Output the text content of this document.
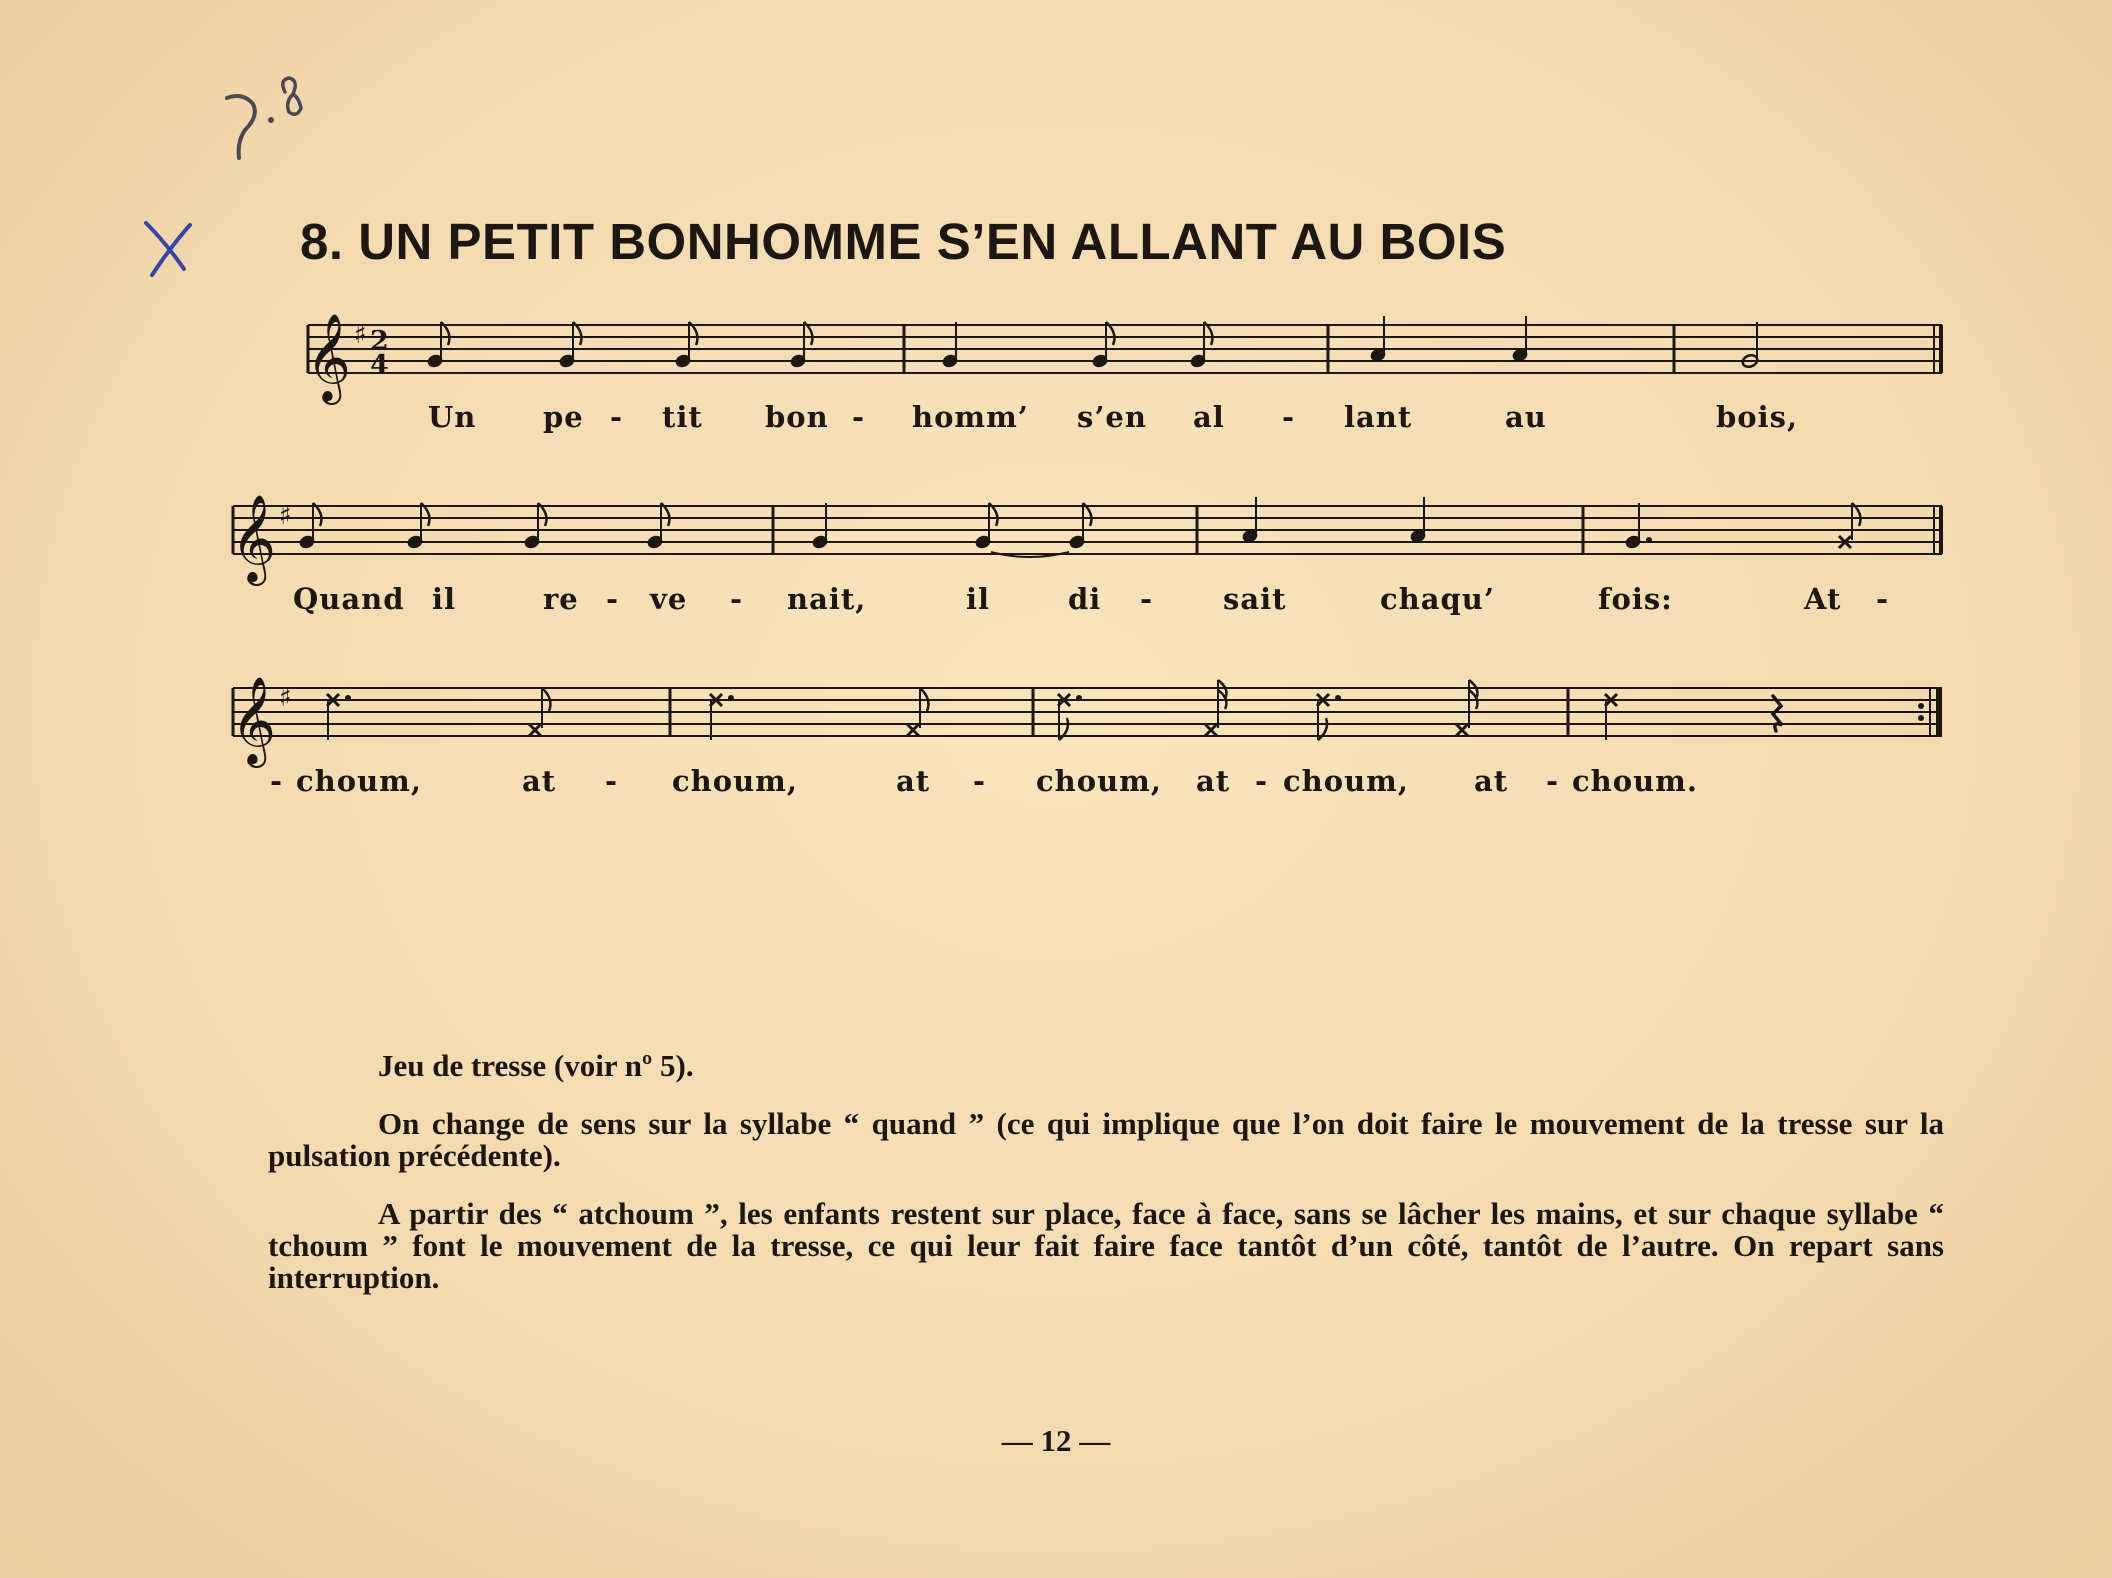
8. UN PETIT BONHOMME S’EN ALLANT AU BOIS
𝄞 ♯ 2
4
Un pe - tit bon - homm’ s’en al - lant	au	bois,
𝄞 ♯
Quand il	re - ve - nait,	il	di - sait	chaqu’	fois:	At -
𝄞 ♯
- choum,	at - choum,	at - choum, at - choum, at - choum.

Jeu de tresse (voir nº 5).

On change de sens sur la syllabe “ quand ” (ce qui implique que l’on doit faire le mouvement de la tresse sur la pulsation précédente).

A partir des “ atchoum ”, les enfants restent sur place, face à face, sans se lâcher les mains, et sur chaque syllabe “ tchoum ” font le mouvement de la tresse, ce qui leur fait faire face tantôt d’un côté, tantôt de l’autre. On repart sans interruption.

— 12 —
